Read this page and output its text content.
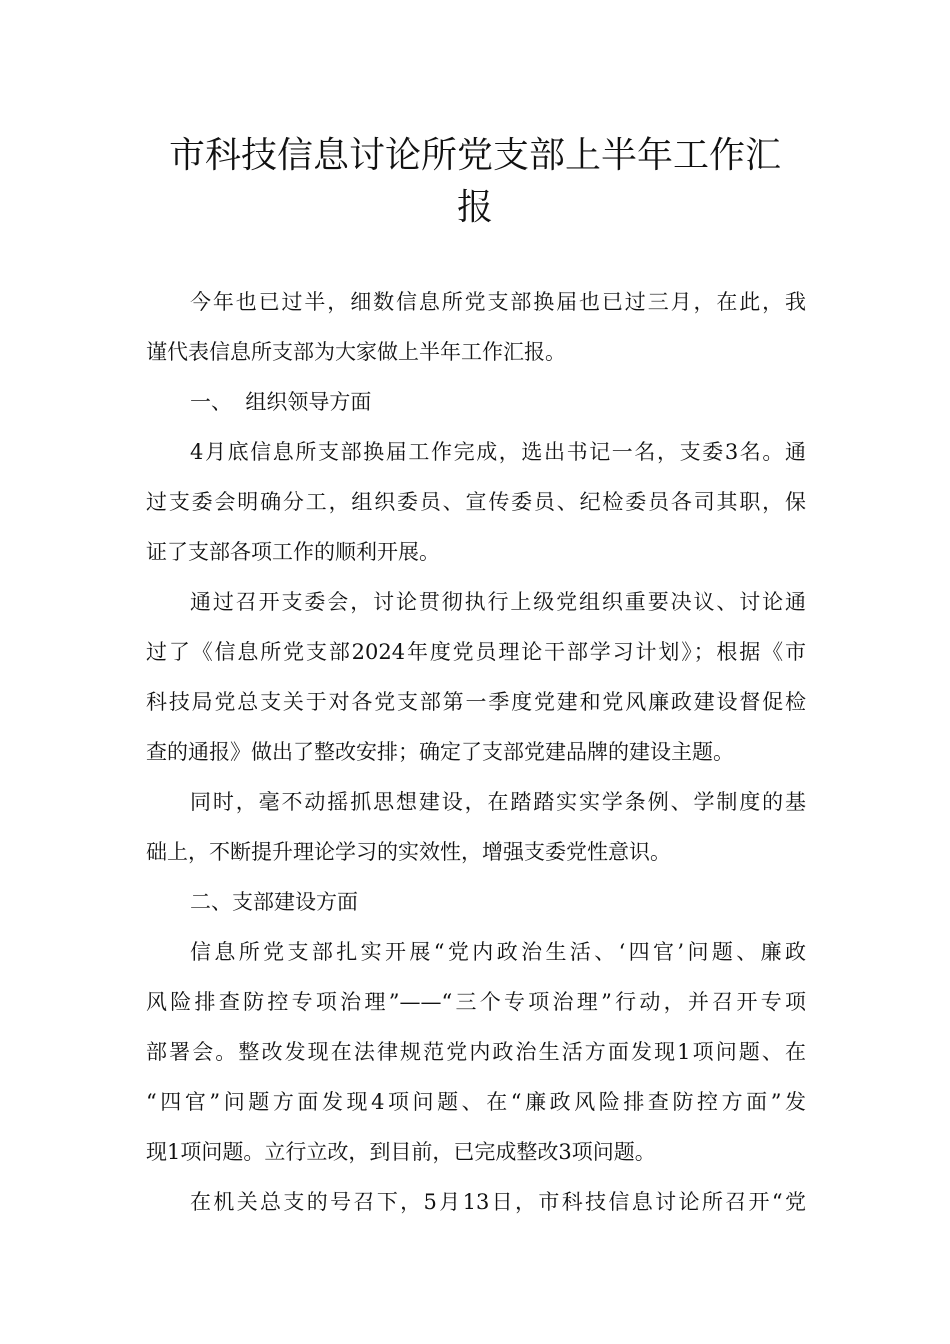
市科技信息讨论所党支部上半年工作汇
报

今年也已过半，细数信息所党支部换届也已过三月，在此，我

谨代表信息所支部为大家做上半年工作汇报。

一、  组织领导方面

4月底信息所支部换届工作完成，选出书记一名，支委3名。通

过支委会明确分工，组织委员、宣传委员、纪检委员各司其职，保

证了支部各项工作的顺利开展。

通过召开支委会，讨论贯彻执行上级党组织重要决议、讨论通

过了《信息所党支部2024年度党员理论干部学习计划》；根据《市

科技局党总支关于对各党支部第一季度党建和党风廉政建设督促检

查的通报》做出了整改安排；确定了支部党建品牌的建设主题。

同时，毫不动摇抓思想建设，在踏踏实实学条例、学制度的基

础上，不断提升理论学习的实效性，增强支委党性意识。

二、支部建设方面

信息所党支部扎实开展“党内政治生活、‘四官’问题、廉政

风险排查防控专项治理”——“三个专项治理”行动，并召开专项

部署会。整改发现在法律规范党内政治生活方面发现1项问题、在

“四官”问题方面发现4项问题、在“廉政风险排查防控方面”发

现1项问题。立行立改，到目前，已完成整改3项问题。

在机关总支的号召下，5月13日，市科技信息讨论所召开“党
